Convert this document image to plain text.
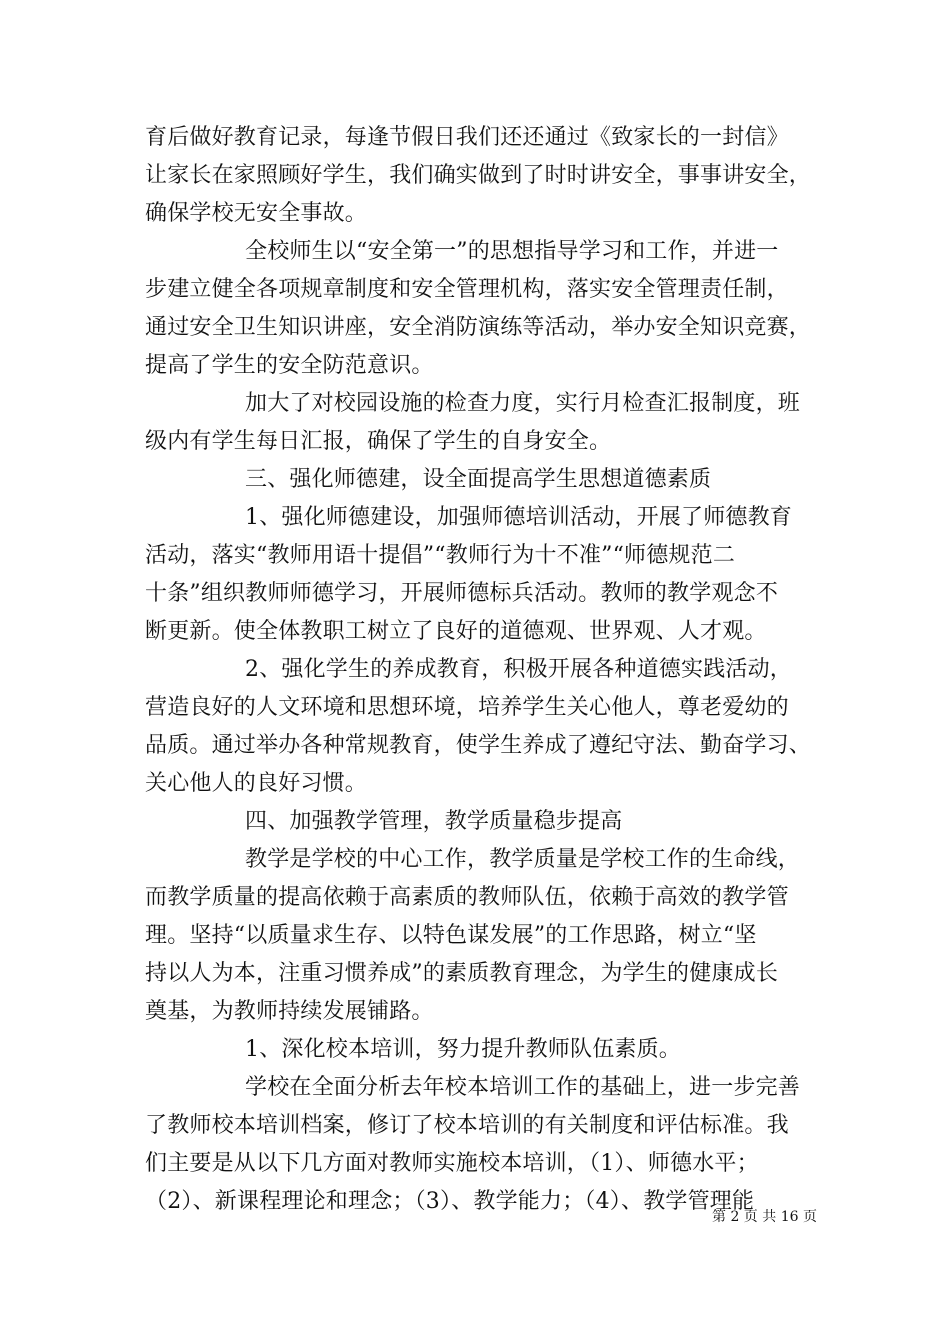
育后做好教育记录，每逢节假日我们还还通过《致家长的一封信》
让家长在家照顾好学生，我们确实做到了时时讲安全，事事讲安全，
确保学校无安全事故。
全校师生以“安全第一”的思想指导学习和工作，并进一
步建立健全各项规章制度和安全管理机构，落实安全管理责任制，
通过安全卫生知识讲座，安全消防演练等活动，举办安全知识竞赛，
提高了学生的安全防范意识。
加大了对校园设施的检查力度，实行月检查汇报制度，班
级内有学生每日汇报，确保了学生的自身安全。
三、强化师德建，设全面提高学生思想道德素质
1、强化师德建设，加强师德培训活动，开展了师德教育
活动，落实“教师用语十提倡”“教师行为十不准”“师德规范二
十条”组织教师师德学习，开展师德标兵活动。教师的教学观念不
断更新。使全体教职工树立了良好的道德观、世界观、人才观。
2、强化学生的养成教育，积极开展各种道德实践活动，
营造良好的人文环境和思想环境，培养学生关心他人，尊老爱幼的
品质。通过举办各种常规教育，使学生养成了遵纪守法、勤奋学习、
关心他人的良好习惯。
四、加强教学管理，教学质量稳步提高
教学是学校的中心工作，教学质量是学校工作的生命线，
而教学质量的提高依赖于高素质的教师队伍，依赖于高效的教学管
理。坚持“以质量求生存、以特色谋发展”的工作思路，树立“坚
持以人为本，注重习惯养成”的素质教育理念，为学生的健康成长
奠基，为教师持续发展铺路。
1、深化校本培训，努力提升教师队伍素质。
学校在全面分析去年校本培训工作的基础上，进一步完善
了教师校本培训档案，修订了校本培训的有关制度和评估标准。我
们主要是从以下几方面对教师实施校本培训，（1）、师德水平；
（2）、新课程理论和理念；（3）、教学能力；（4）、教学管理能
第 2 页 共 16 页
